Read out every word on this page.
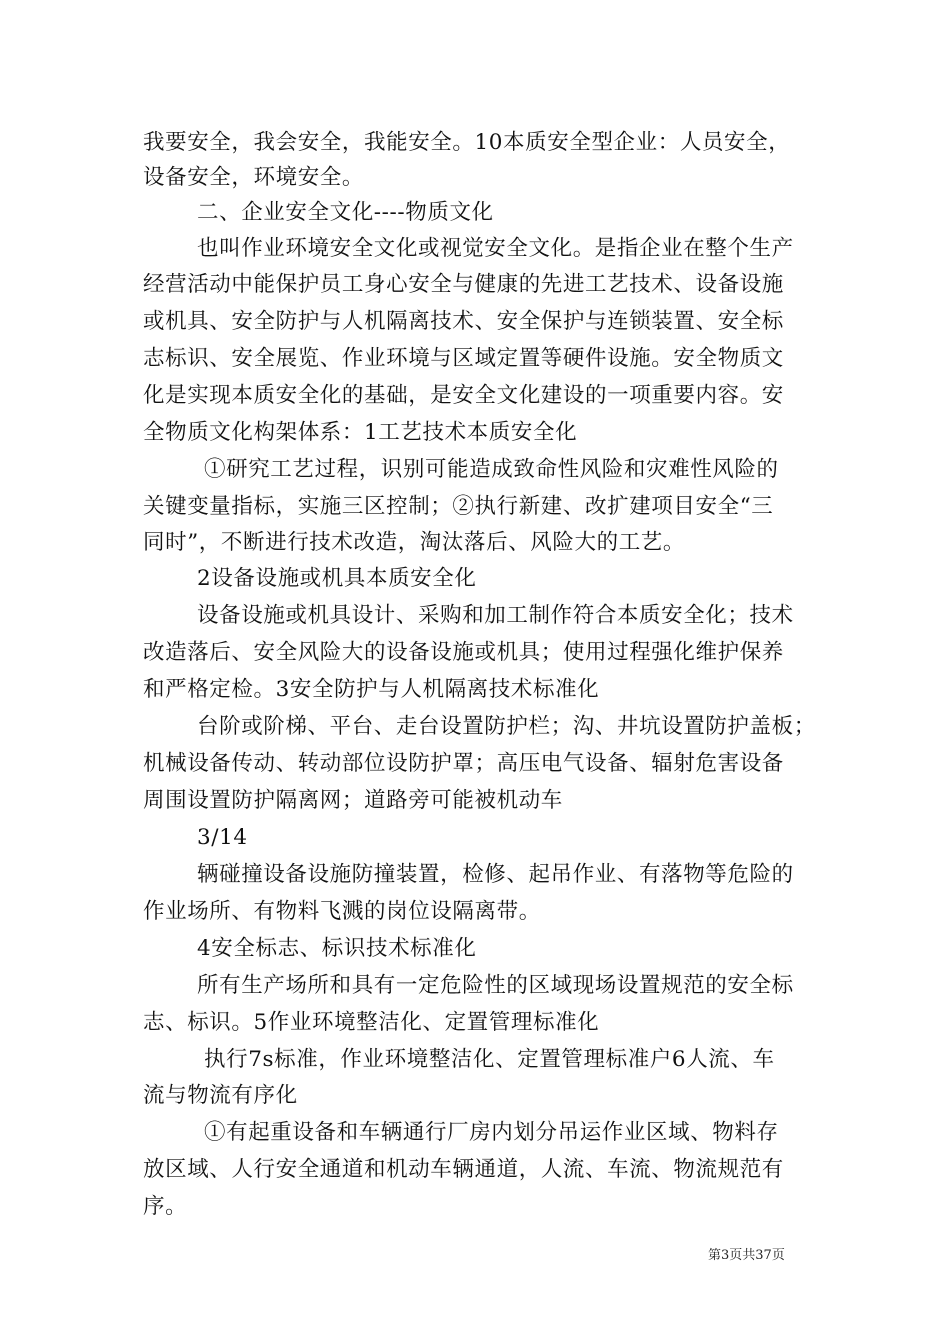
我要安全，我会安全，我能安全。10本质安全型企业：人员安全，
设备安全，环境安全。
二、企业安全文化----物质文化
也叫作业环境安全文化或视觉安全文化。是指企业在整个生产
经营活动中能保护员工身心安全与健康的先进工艺技术、设备设施
或机具、安全防护与人机隔离技术、安全保护与连锁装置、安全标
志标识、安全展览、作业环境与区域定置等硬件设施。安全物质文
化是实现本质安全化的基础，是安全文化建设的一项重要内容。安
全物质文化构架体系：1工艺技术本质安全化
①研究工艺过程，识别可能造成致命性风险和灾难性风险的
关键变量指标，实施三区控制；②执行新建、改扩建项目安全“三
同时”，不断进行技术改造，淘汰落后、风险大的工艺。
2设备设施或机具本质安全化
设备设施或机具设计、采购和加工制作符合本质安全化；技术
改造落后、安全风险大的设备设施或机具；使用过程强化维护保养
和严格定检。3安全防护与人机隔离技术标准化
台阶或阶梯、平台、走台设置防护栏；沟、井坑设置防护盖板；
机械设备传动、转动部位设防护罩；高压电气设备、辐射危害设备
周围设置防护隔离网；道路旁可能被机动车
3/14
辆碰撞设备设施防撞装置，检修、起吊作业、有落物等危险的
作业场所、有物料飞溅的岗位设隔离带。
4安全标志、标识技术标准化
所有生产场所和具有一定危险性的区域现场设置规范的安全标
志、标识。5作业环境整洁化、定置管理标准化
执行7s标准，作业环境整洁化、定置管理标准户6人流、车
流与物流有序化
①有起重设备和车辆通行厂房内划分吊运作业区域、物料存
放区域、人行安全通道和机动车辆通道，人流、车流、物流规范有
序。
第3页共37页
